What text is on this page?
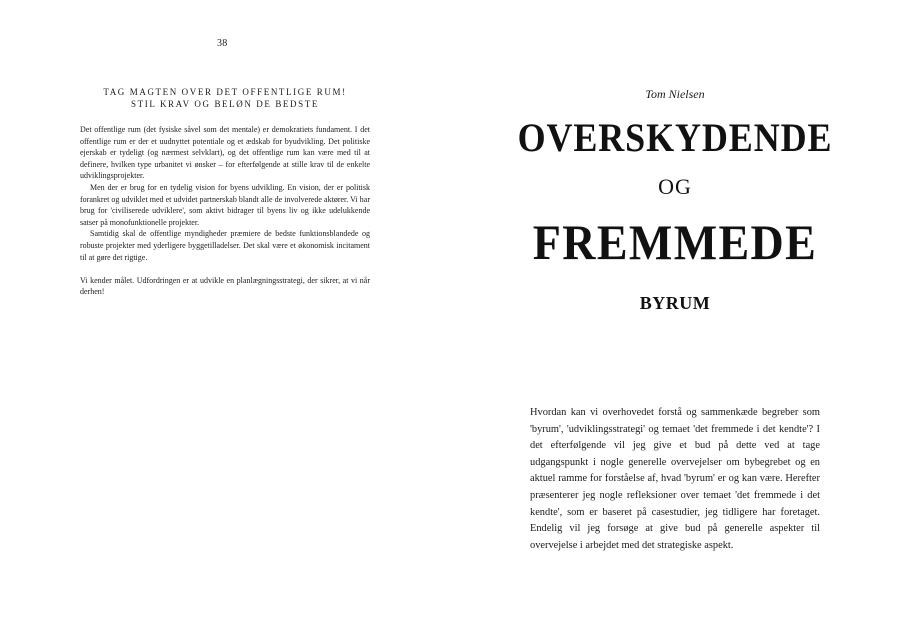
38
TAG MAGTEN OVER DET OFFENTLIGE RUM!
STIL KRAV OG BELØN DE BEDSTE

Det offentlige rum (det fysiske såvel som det mentale) er demokratiets fundament. I det offentlige rum er der et uudnyttet potentiale og et ædskab for byudvikling. Det politiske ejerskab er tydeligt (og nærmest selvklart), og det offentlige rum kan være med til at definere, hvilken type urbanitet vi ønsker – for efterfølgende at stille krav til de enkelte udviklingsprojekter.

Men der er brug for en tydelig vision for byens udvikling. En vision, der er politisk forankret og udviklet med et udvidet partnerskab blandt alle de involverede aktører. Vi har brug for 'civiliserede udviklere', som aktivt bidrager til byens liv og ikke udelukkende satser på monofunktionelle projekter.

Samtidig skal de offentlige myndigheder præmiere de bedste funktionsblandede og robuste projekter med yderligere byggetilladelser. Det skal være et økonomisk incitament til at gøre det rigtige.

Vi kender målet. Udfordringen er at udvikle en planlægningsstrategi, der sikrer, at vi når derhen!

Tom Nielsen
OVERSKYDENDE
OG
FREMMEDE
BYRUM

Hvordan kan vi overhovedet forstå og sammenkæde begreber som 'byrum', 'udviklingsstrategi' og temaet 'det fremmede i det kendte'? I det efterfølgende vil jeg give et bud på dette ved at tage udgangspunkt i nogle generelle overvejelser om bybegrebet og en aktuel ramme for forståelse af, hvad 'byrum' er og kan være. Herefter præsenterer jeg nogle refleksioner over temaet 'det fremmede i det kendte', som er baseret på casestudier, jeg tidligere har foretaget. Endelig vil jeg forsøge at give bud på generelle aspekter til overvejelse i arbejdet med det strategiske aspekt.
